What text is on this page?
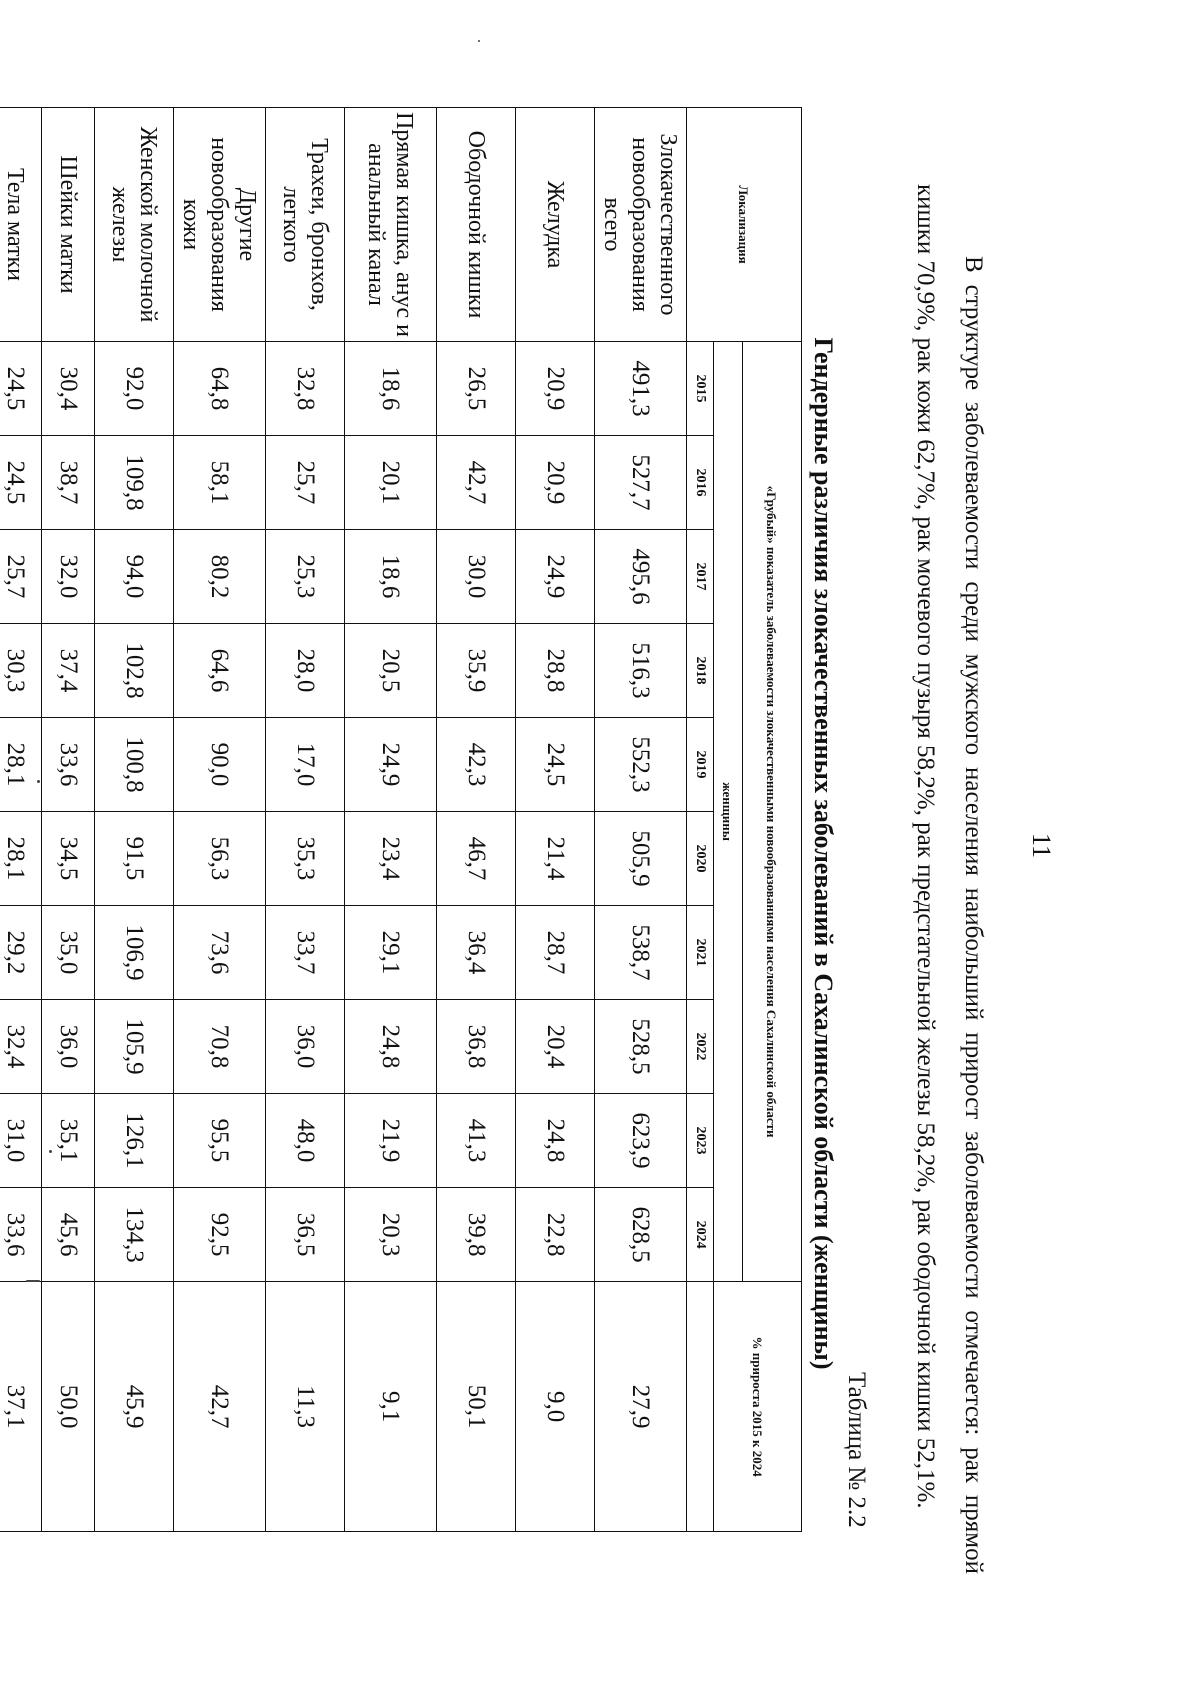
11

В структуре заболеваемости среди мужского населения наибольший прирост заболеваемости отмечается: рак прямой кишки 70,9%, рак кожи 62,7%, рак мочевого пузыря 58,2%, рак предстательной железы 58,2%, рак ободочной кишки 52,1%.

Таблица № 2.2
Гендерные различия злокачественных заболеваний в Сахалинской области (женщины)
Локализация	«Грубый» показатель заболеваемости злокачественными новообразованиями населения Сахалинской области										% прироста 2015 к 2024
	женщины										
	2015	2016	2017	2018	2019	2020	2021	2022	2023	2024	
Злокачественного новообразования всего	491,3	527,7	495,6	516,3	552,3	505,9	538,7	528,5	623,9	628,5	27,9
Желудка	20,9	20,9	24,9	28,8	24,5	21,4	28,7	20,4	24,8	22,8	9,0
Ободочной кишки	26,5	42,7	30,0	35,9	42,3	46,7	36,4	36,8	41,3	39,8	50,1
Прямая кишка, анус и анальный канал	18,6	20,1	18,6	20,5	24,9	23,4	29,1	24,8	21,9	20,3	9,1
Трахеи, бронхов, легкого	32,8	25,7	25,3	28,0	17,0	35,3	33,7	36,0	48,0	36,5	11,3
Другие новообразования кожи	64,8	58,1	80,2	64,6	90,0	56,3	73,6	70,8	95,5	92,5	42,7
Женской молочной железы	92,0	109,8	94,0	102,8	100,8	91,5	106,9	105,9	126,1	134,3	45,9
Шейки матки	30,4	38,7	32,0	37,4	33,6	34,5	35,0	36,0	35,1	45,6	50,0
Тела матки	24,5	24,5	25,7	30,3	28,1	28,1	29,2	32,4	31,0	33,6	37,1
